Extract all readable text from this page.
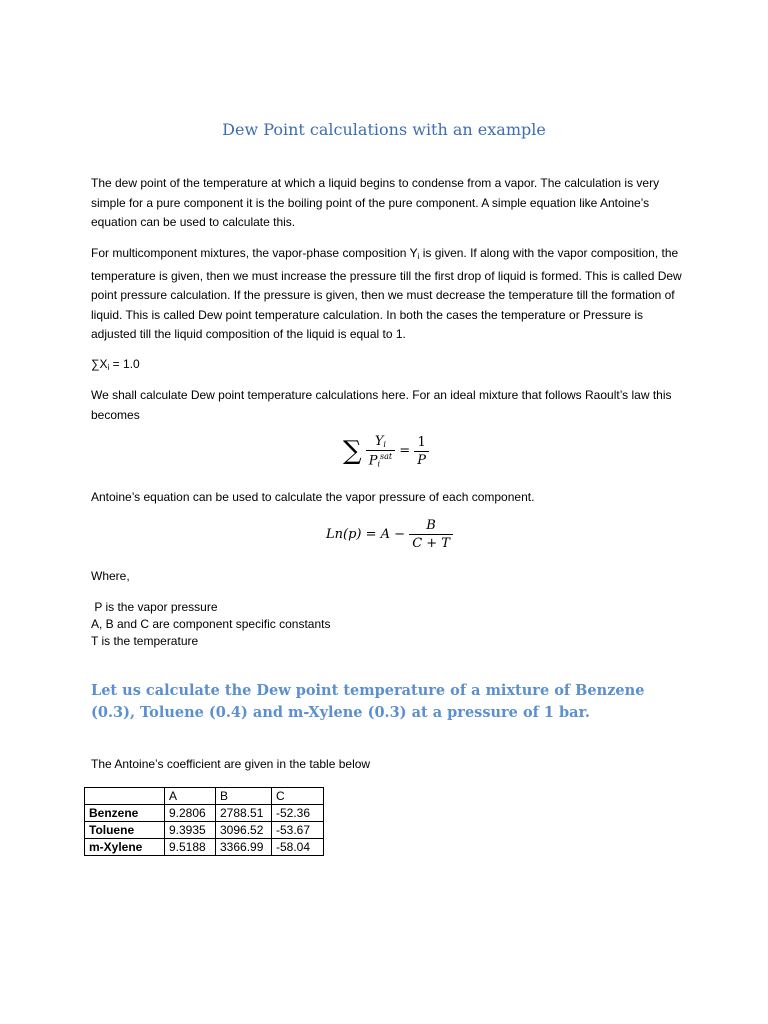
Dew Point calculations with an example
The dew point of the temperature at which a liquid begins to condense from a vapor. The calculation is very simple for a pure component it is the boiling point of the pure component. A simple equation like Antoine’s equation can be used to calculate this.
For multicomponent mixtures, the vapor-phase composition $Y_i$ is given. If along with the vapor composition, the temperature is given, then we must increase the pressure till the first drop of liquid is formed. This is called Dew point pressure calculation. If the pressure is given, then we must decrease the temperature till the formation of liquid. This is called Dew point temperature calculation. In both the cases the temperature or Pressure is adjusted till the liquid composition of the liquid is equal to 1.
$\sum X_i = 1.0$
We shall calculate Dew point temperature calculations here. For an ideal mixture that follows Raoult’s law this becomes
∑ $\frac{Y_i}{P_i^{sat}} = \frac{1}{P}$
Antoine’s equation can be used to calculate the vapor pressure of each component.
$Ln(p) = A - \frac{B}{C + T}$
Where,
P is the vapor pressure
A, B and C are component specific constants
T is the temperature
Let us calculate the Dew point temperature of a mixture of Benzene (0.3), Toluene (0.4) and m-Xylene (0.3) at a pressure of 1 bar.
The Antoine’s coefficient are given in the table below
	A	B	C
Benzene	9.2806	2788.51	-52.36
Toluene	9.3935	3096.52	-53.67
m-Xylene	9.5188	3366.99	-58.04
